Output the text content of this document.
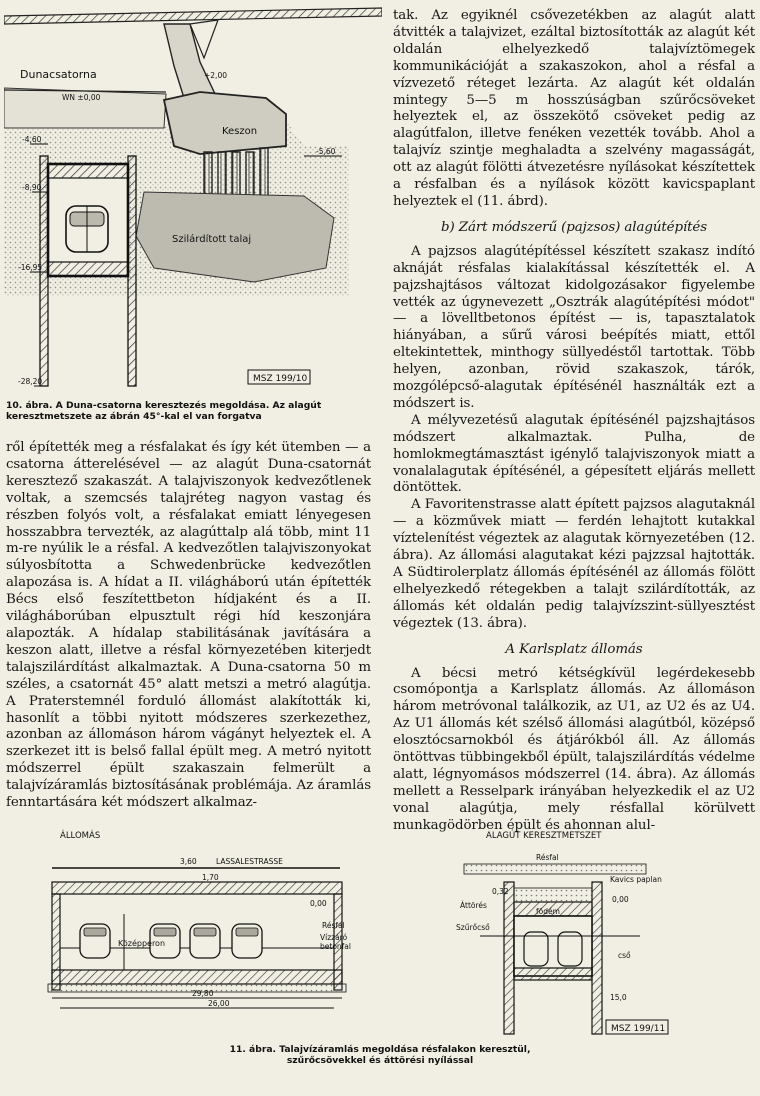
Dunacsatorna
WN ±0,00
+2,00
Keszon
-4,60
-5,60
-8,90
Szilárdított talaj
-16,95
-28,20	MSZ 199/10
10. ábra. A Duna-csatorna keresztezés megoldása. Az alagút keresztmetszete az ábrán 45°-kal el van forgatva

ről építették meg a résfalakat és így két ütemben — a csatorna átterelésével — az alagút Duna-csatornát keresztező szakaszát. A talajviszonyok kedvezőtlenek voltak, a szemcsés talajréteg nagyon vastag és részben folyós volt, a résfalakat emiatt lényegesen hosszabbra tervezték, az alagúttalp alá több, mint 11 m-re nyúlik le a résfal. A kedvezőtlen talajviszonyokat súlyosbította a Schwedenbrücke kedvezőtlen alapozása is. A hídat a II. világháború után építették Bécs első feszítettbeton hídjaként és a II. világháborúban elpusztult régi híd keszonjára alapozták. A hídalap stabilitásának javítására a keszon alatt, illetve a résfal környezetében kiterjedt talajszilárdítást alkalmaztak. A Duna-csatorna 50 m széles, a csatornát 45° alatt metszi a metró alagútja. A Praterstemnél forduló állomást alakították ki, hasonlít a többi nyitott módszeres szerkezethez, azonban az állomáson három vágányt helyeztek el. A szerkezet itt is belső fallal épült meg. A metró nyitott módszerrel épült szakaszain felmerült a talajvízáramlás biztosításának problémája. Az áramlás fenntartására két módszert alkalmaz-

tak. Az egyiknél csővezetékben az alagút alatt átvitték a talajvizet, ezáltal biztosították az alagút két oldalán elhelyezkedő talajvíztömegek kommunikációját a szakaszokon, ahol a résfal a vízvezető réteget lezárta. Az alagút két oldalán mintegy 5—5 m hosszúságban szűrőcsöveket helyeztek el, az összekötő csöveket pedig az alagútfalon, illetve fenéken vezették tovább. Ahol a talajvíz szintje meghaladta a szelvény magasságát, ott az alagút fölötti átvezetésre nyílásokat készítettek a résfalban és a nyílások között kavicspaplant helyeztek el (11. ábrd).

b) Zárt módszerű (pajzsos) alagútépítés

A pajzsos alagútépítéssel készített szakasz indító aknáját résfalas kialakítással készítették el. A pajzshajtásos változat kidolgozásakor figyelembe vették az úgynevezett „Osztrák alagútépítési módot" — a lövelltbetonos építést — is, tapasztalatok hiányában, a sűrű városi beépítés miatt, ettől eltekintettek, minthogy süllyedéstől tartottak. Több helyen, azonban, rövid szakaszok, tárók, mozgólépcső-alagutak építésénél használták ezt a módszert is.

A mélyvezetésű alagutak építésénél pajzshajtásos módszert alkalmaztak. Pulha, de homlokmegtámasztást igénylő talajviszonyok miatt a vonalalagutak építésénél, a gépesített eljárás mellett döntöttek.

A Favoritenstrasse alatt épített pajzsos alagutaknál — a közművek miatt — ferdén lehajtott kutakkal víztelenítést végeztek az alagutak környezetében (12. ábra). Az állomási alagutakat kézi pajzzsal hajtották. A Südtirolerplatz állomás építésénél az állomás fölött elhelyezkedő rétegekben a talajt szilárdították, az állomás két oldalán pedig talajvízszint-süllyesztést végeztek (13. ábra).

A Karlsplatz állomás

A bécsi metró kétségkívül legérdekesebb csomópontja a Karlsplatz állomás. Az állomáson három metróvonal találkozik, az U1, az U2 és az U4. Az U1 állomás két szélső állomási alagútból, középső elosztócsarnokból és átjárókból áll. Az állomás öntöttvas tübbingekből épült, talajszilárdítás védelme alatt, légnyomásos módszerrel (14. ábra). Az állomás mellett a Resselpark irányában helyezkedik el az U2 vonal alagútja, mely résfallal körülvett munkagödörben épült és ahonnan alul-

ÁLLOMÁS
3,60	LASSALESTRASSE
1,70
0,00
Középperon
Résfal
Vízzáró
betonfal
29,80
26,00
ALAGÚT KERESZTMETSZET
Résfal
Kavics paplan
födém
0,32
Áttörés
0,00
Szűrőcső
cső
15,0
MSZ 199/11
11. ábra. Talajvízáramlás megoldása résfalakon keresztül,
szűrőcsövekkel és áttörési nyílással
